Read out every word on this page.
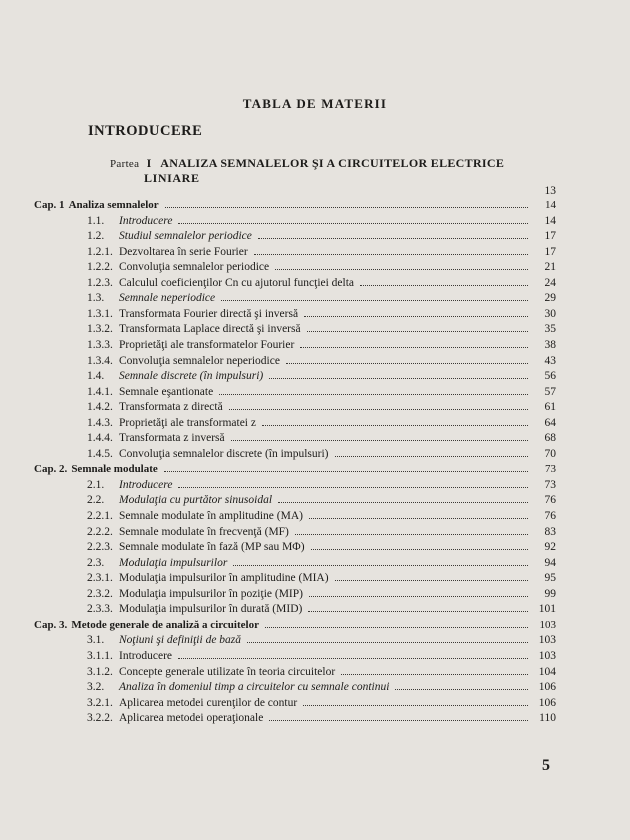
TABLA DE MATERII
INTRODUCERE
Partea I ANALIZA SEMNALELOR ŞI A CIRCUITELOR ELECTRICE
LINIARE
13
Cap. 1 Analiza semnalelor	14
1.1.	Introducere	14
1.2.	Studiul semnalelor periodice	17
1.2.1. Dezvoltarea în serie Fourier	17
1.2.2. Convoluţia semnalelor periodice	21
1.2.3. Calculul coeficienţilor Cn cu ajutorul funcţiei delta	24
1.3.	Semnale neperiodice	29
1.3.1. Transformata Fourier directă şi inversă	30
1.3.2. Transformata Laplace directă şi inversă	35
1.3.3. Proprietăţi ale transformatelor Fourier	38
1.3.4. Convoluţia semnalelor neperiodice	43
1.4.	Semnale discrete (în impulsuri)	56
1.4.1. Semnale eşantionate	57
1.4.2. Transformata z directă	61
1.4.3. Proprietăţi ale transformatei z	64
1.4.4. Transformata z inversă	68
1.4.5. Convoluţia semnalelor discrete (în impulsuri)	70
Cap. 2. Semnale modulate	73
2.1.	Introducere	73
2.2.	Modulaţia cu purtător sinusoidal	76
2.2.1. Semnale modulate în amplitudine (MA)	76
2.2.2. Semnale modulate în frecvenţă (MF)	83
2.2.3. Semnale modulate în fază (MP sau MΦ)	92
2.3.	Modulaţia impulsurilor	94
2.3.1. Modulaţia impulsurilor în amplitudine (MIA)	95
2.3.2. Modulaţia impulsurilor în poziţie (MIP)	99
2.3.3. Modulaţia impulsurilor în durată (MID)	101
Cap. 3. Metode generale de analiză a circuitelor	103
3.1.	Noţiuni şi definiţii de bază	103
3.1.1. Introducere	103
3.1.2. Concepte generale utilizate în teoria circuitelor	104
3.2.	Analiza în domeniul timp a circuitelor cu semnale continui	106
3.2.1. Aplicarea metodei curenţilor de contur	106
3.2.2. Aplicarea metodei operaţionale	110
5
